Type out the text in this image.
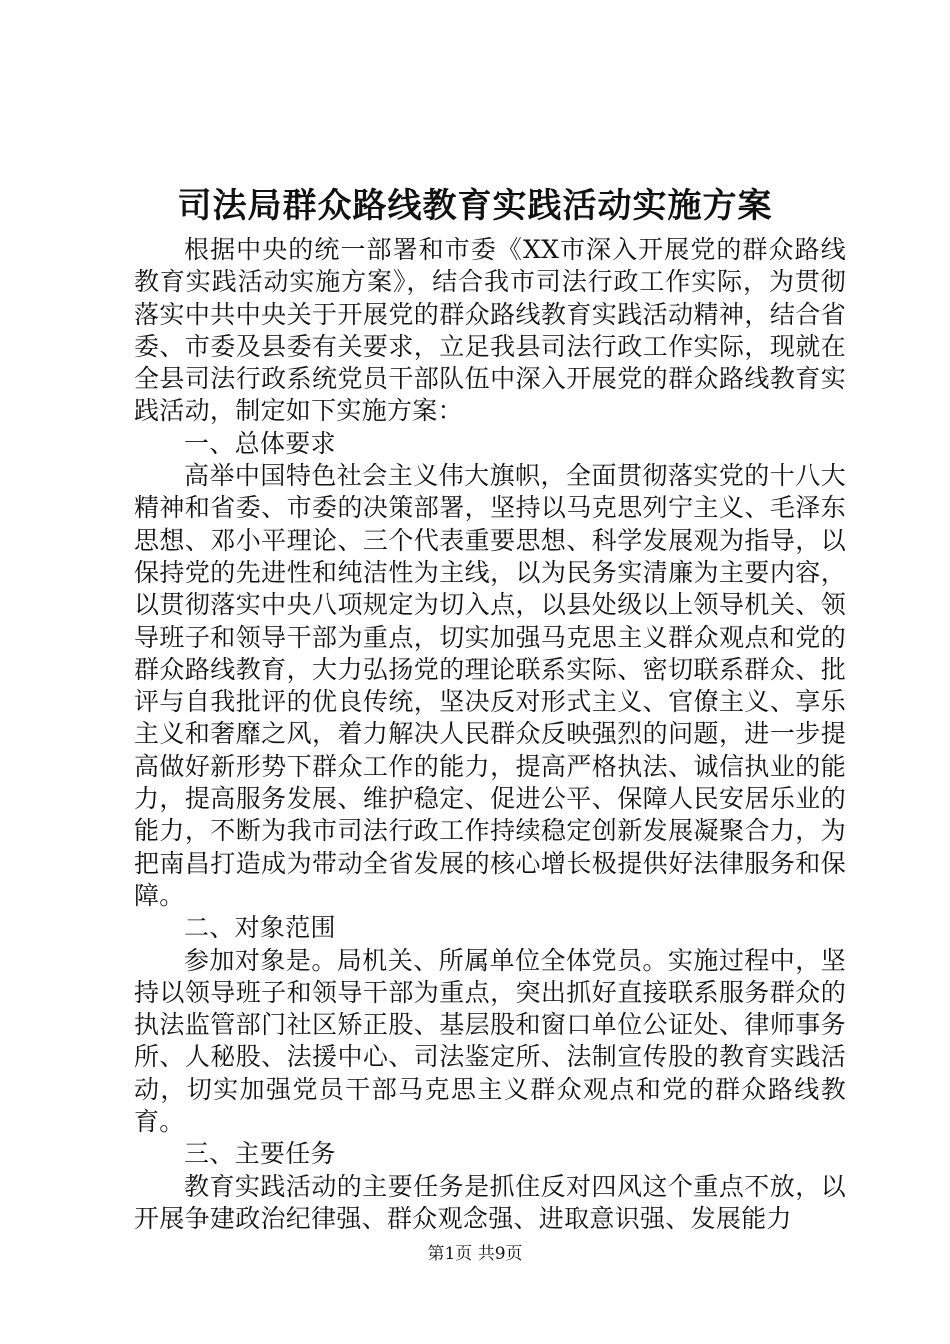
司法局群众路线教育实践活动实施方案

根据中央的统一部署和市委《XX市深入开展党的群众路线教育实践活动实施方案》，结合我市司法行政工作实际，为贯彻落实中共中央关于开展党的群众路线教育实践活动精神，结合省委、市委及县委有关要求，立足我县司法行政工作实际，现就在全县司法行政系统党员干部队伍中深入开展党的群众路线教育实践活动，制定如下实施方案：

一、总体要求

高举中国特色社会主义伟大旗帜，全面贯彻落实党的十八大精神和省委、市委的决策部署，坚持以马克思列宁主义、毛泽东思想、邓小平理论、三个代表重要思想、科学发展观为指导，以保持党的先进性和纯洁性为主线，以为民务实清廉为主要内容，以贯彻落实中央八项规定为切入点，以县处级以上领导机关、领导班子和领导干部为重点，切实加强马克思主义群众观点和党的群众路线教育，大力弘扬党的理论联系实际、密切联系群众、批评与自我批评的优良传统，坚决反对形式主义、官僚主义、享乐主义和奢靡之风，着力解决人民群众反映强烈的问题，进一步提高做好新形势下群众工作的能力，提高严格执法、诚信执业的能力，提高服务发展、维护稳定、促进公平、保障人民安居乐业的能力，不断为我市司法行政工作持续稳定创新发展凝聚合力，为把南昌打造成为带动全省发展的核心增长极提供好法律服务和保障。

二、对象范围

参加对象是。局机关、所属单位全体党员。实施过程中，坚持以领导班子和领导干部为重点，突出抓好直接联系服务群众的执法监管部门社区矫正股、基层股和窗口单位公证处、律师事务所、人秘股、法援中心、司法鉴定所、法制宣传股的教育实践活动，切实加强党员干部马克思主义群众观点和党的群众路线教育。

三、主要任务

教育实践活动的主要任务是抓住反对四风这个重点不放，以开展争建政治纪律强、群众观念强、进取意识强、发展能力

第1页 共9页
